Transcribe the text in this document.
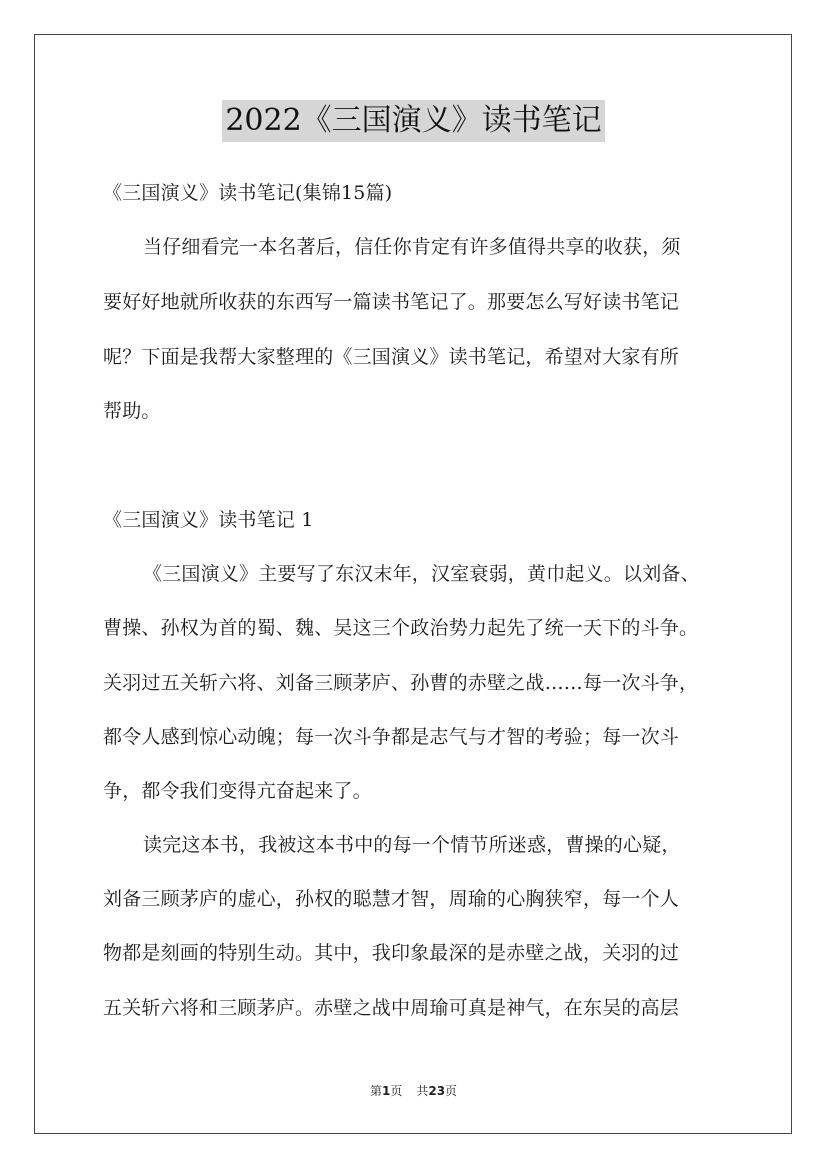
2022《三国演义》读书笔记
《三国演义》读书笔记(集锦15篇)
当仔细看完一本名著后，信任你肯定有许多值得共享的收获，须
要好好地就所收获的东西写一篇读书笔记了。那要怎么写好读书笔记
呢？下面是我帮大家整理的《三国演义》读书笔记，希望对大家有所
帮助。
《三国演义》读书笔记 1
《三国演义》主要写了东汉末年，汉室衰弱，黄巾起义。以刘备、
曹操、孙权为首的蜀、魏、吴这三个政治势力起先了统一天下的斗争。
关羽过五关斩六将、刘备三顾茅庐、孙曹的赤壁之战……每一次斗争，
都令人感到惊心动魄；每一次斗争都是志气与才智的考验；每一次斗
争，都令我们变得亢奋起来了。
读完这本书，我被这本书中的每一个情节所迷惑，曹操的心疑，
刘备三顾茅庐的虚心，孙权的聪慧才智，周瑜的心胸狭窄，每一个人
物都是刻画的特别生动。其中，我印象最深的是赤壁之战，关羽的过
五关斩六将和三顾茅庐。赤壁之战中周瑜可真是神气，在东吴的高层
第1页 共23页
